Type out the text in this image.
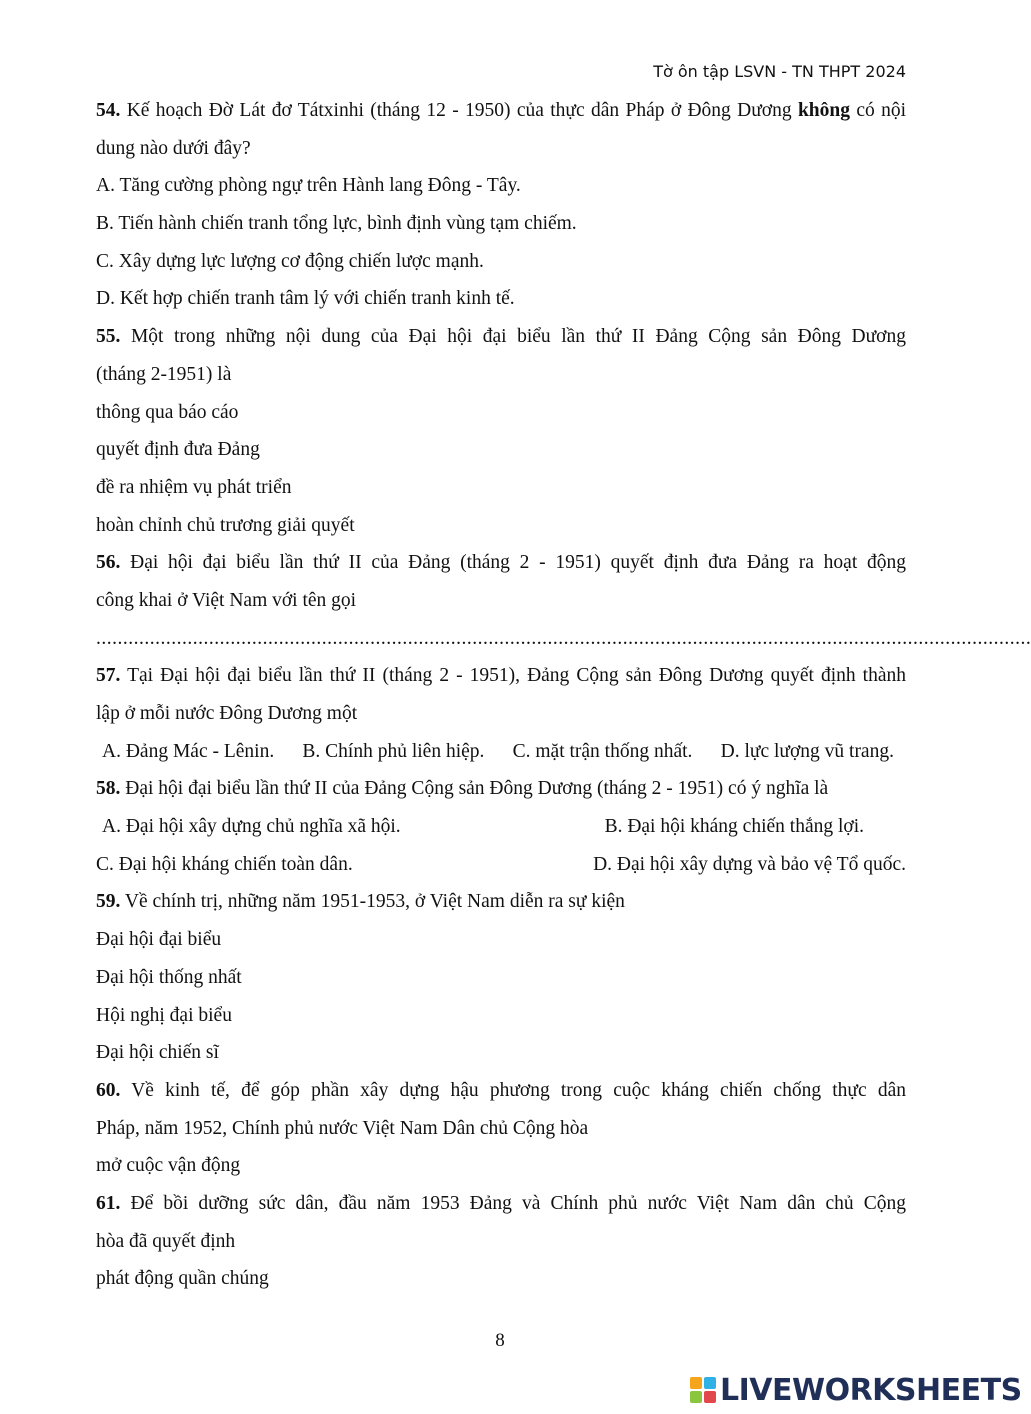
Tờ ôn tập LSVN - TN THPT 2024
54. Kế hoạch Đờ Lát đơ Tátxinhi (tháng 12 - 1950) của thực dân Pháp ở Đông Dương không có nội
dung nào dưới đây?
A. Tăng cường phòng ngự trên Hành lang Đông - Tây.
B. Tiến hành chiến tranh tổng lực, bình định vùng tạm chiếm.
C. Xây dựng lực lượng cơ động chiến lược mạnh.
D. Kết hợp chiến tranh tâm lý với chiến tranh kinh tế.
55. Một trong những nội dung của Đại hội đại biểu lần thứ II Đảng Cộng sản Đông Dương
(tháng 2-1951) là
thông qua báo cáo
quyết định đưa Đảng
đề ra nhiệm vụ phát triển
hoàn chỉnh chủ trương giải quyết
56. Đại hội đại biểu lần thứ II của Đảng (tháng 2 - 1951) quyết định đưa Đảng ra hoạt động
công khai ở Việt Nam với tên gọi
..............................................................................................................................................................................
57. Tại Đại hội đại biểu lần thứ II (tháng 2 - 1951), Đảng Cộng sản Đông Dương quyết định thành
lập ở mỗi nước Đông Dương một
A. Đảng Mác - Lênin. B. Chính phủ liên hiệp. C. mặt trận thống nhất. D. lực lượng vũ trang.
58. Đại hội đại biểu lần thứ II của Đảng Cộng sản Đông Dương (tháng 2 - 1951) có ý nghĩa là
A. Đại hội xây dựng chủ nghĩa xã hội.	B. Đại hội kháng chiến thắng lợi.
C. Đại hội kháng chiến toàn dân.	D. Đại hội xây dựng và bảo vệ Tổ quốc.
59. Về chính trị, những năm 1951-1953, ở Việt Nam diễn ra sự kiện
Đại hội đại biểu
Đại hội thống nhất
Hội nghị đại biểu
Đại hội chiến sĩ
60. Về kinh tế, để góp phần xây dựng hậu phương trong cuộc kháng chiến chống thực dân
Pháp, năm 1952, Chính phủ nước Việt Nam Dân chủ Cộng hòa
mở cuộc vận động
61. Để bồi dưỡng sức dân, đầu năm 1953 Đảng và Chính phủ nước Việt Nam dân chủ Cộng
hòa đã quyết định
phát động quần chúng
8
LIVEWORKSHEETS
